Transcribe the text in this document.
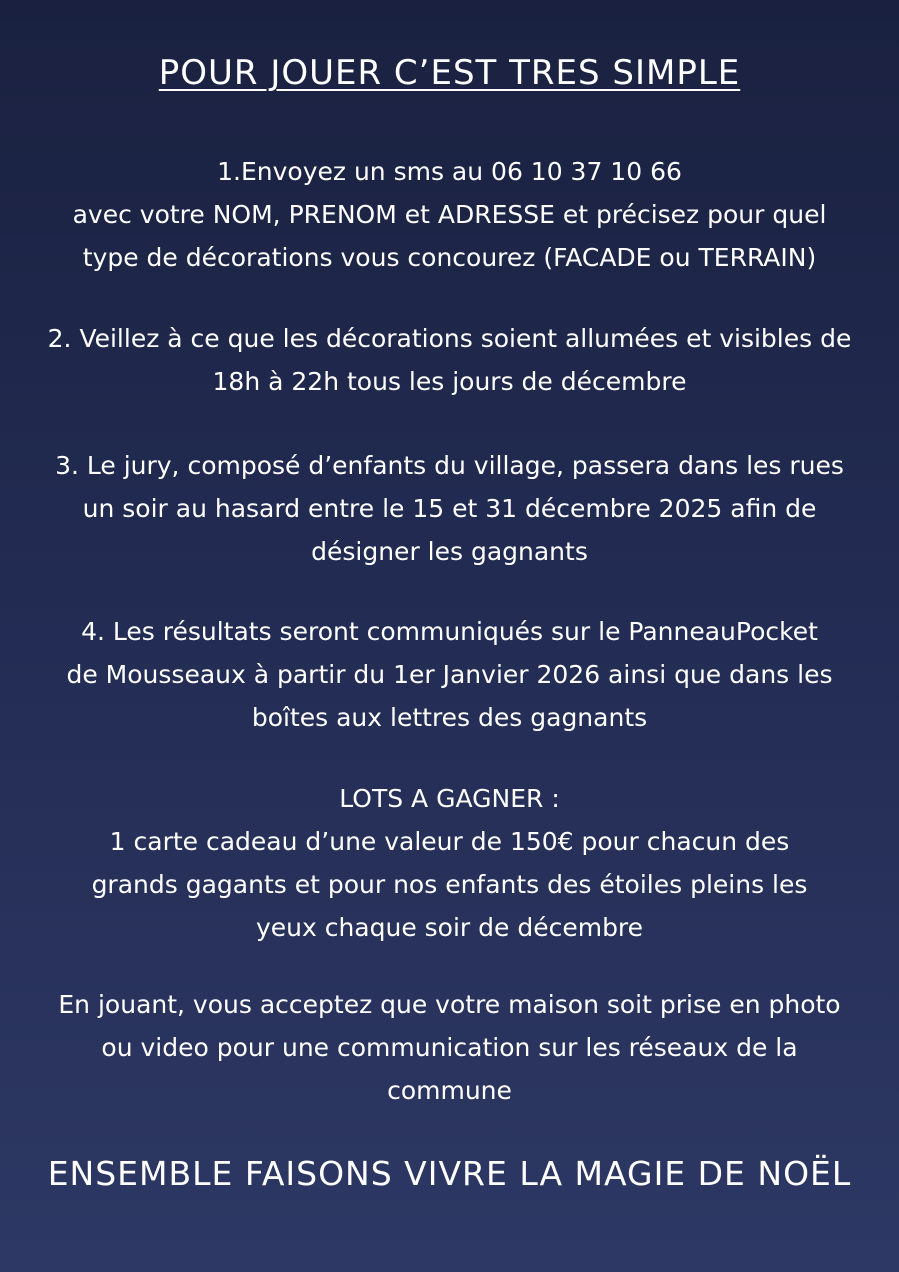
POUR JOUER C’EST TRES SIMPLE

1.Envoyez un sms au 06 10 37 10 66

avec votre NOM, PRENOM et ADRESSE et précisez pour quel

type de décorations vous concourez (FACADE ou TERRAIN)

2. Veillez à ce que les décorations soient allumées et visibles de

18h à 22h tous les jours de décembre

3. Le jury, composé d’enfants du village, passera dans les rues

un soir au hasard entre le 15 et 31 décembre 2025 afin de

désigner les gagnants

4. Les résultats seront communiqués sur le PanneauPocket

de Mousseaux à partir du 1er Janvier 2026 ainsi que dans les

boîtes aux lettres des gagnants

LOTS A GAGNER :

1 carte cadeau d’une valeur de 150€ pour chacun des

grands gagants et pour nos enfants des étoiles pleins les

yeux chaque soir de décembre

En jouant, vous acceptez que votre maison soit prise en photo

ou video pour une communication sur les réseaux de la

commune

ENSEMBLE FAISONS VIVRE LA MAGIE DE NOËL
